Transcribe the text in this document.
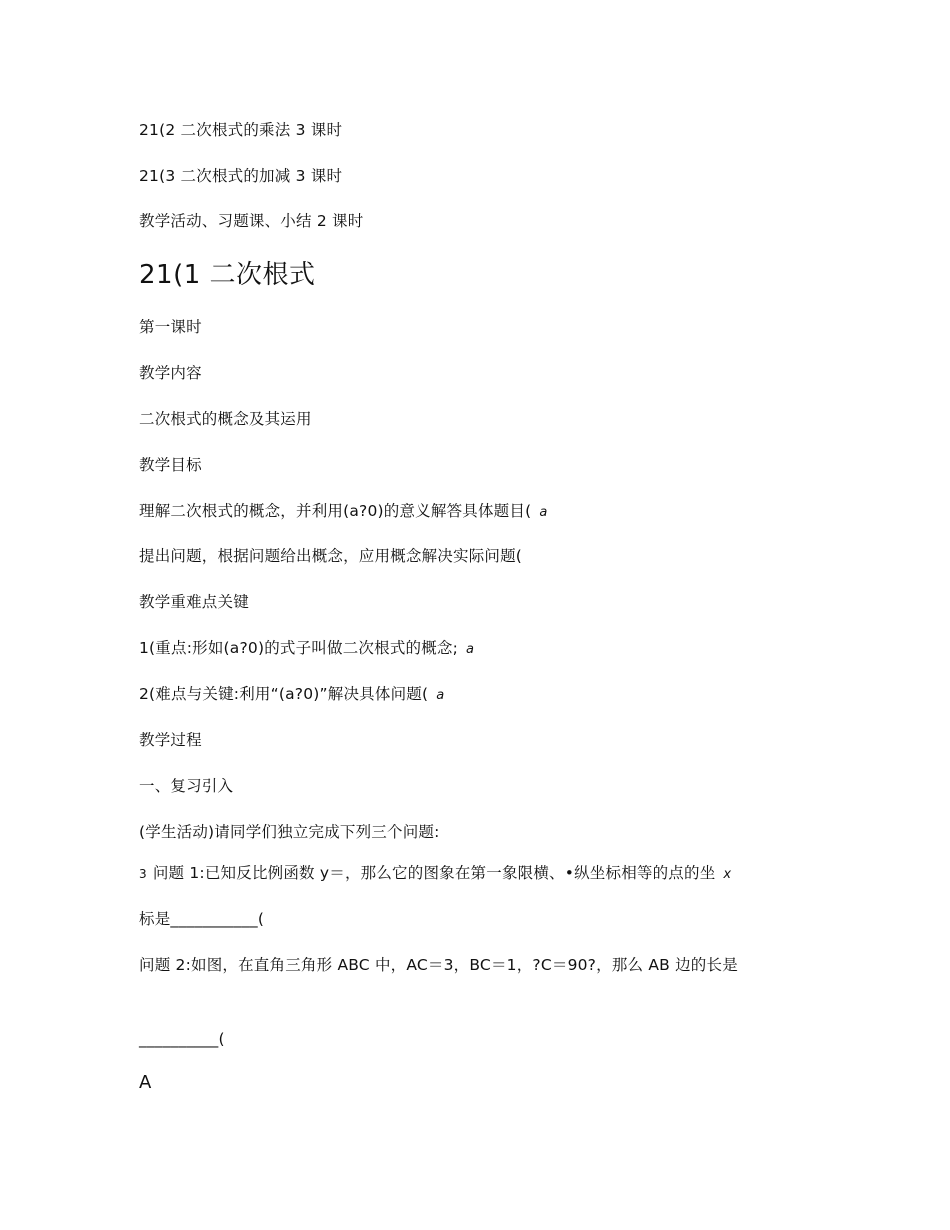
21(2 二次根式的乘法 3 课时
21(3 二次根式的加减 3 课时
教学活动、习题课、小结 2 课时
21(1 二次根式
第一课时
教学内容
二次根式的概念及其运用
教学目标
理解二次根式的概念，并利用(a?0)的意义解答具体题目( a
提出问题，根据问题给出概念，应用概念解决实际问题(
教学重难点关键
1(重点:形如(a?0)的式子叫做二次根式的概念; a
2(难点与关键:利用“(a?0)”解决具体问题( a
教学过程
一、复习引入
(学生活动)请同学们独立完成下列三个问题:
3 问题 1:已知反比例函数 y＝，那么它的图象在第一象限横、•纵坐标相等的点的坐 x
标是___________(
问题 2:如图，在直角三角形 ABC 中，AC＝3，BC＝1，?C＝90?，那么 AB 边的长是
__________(
A
